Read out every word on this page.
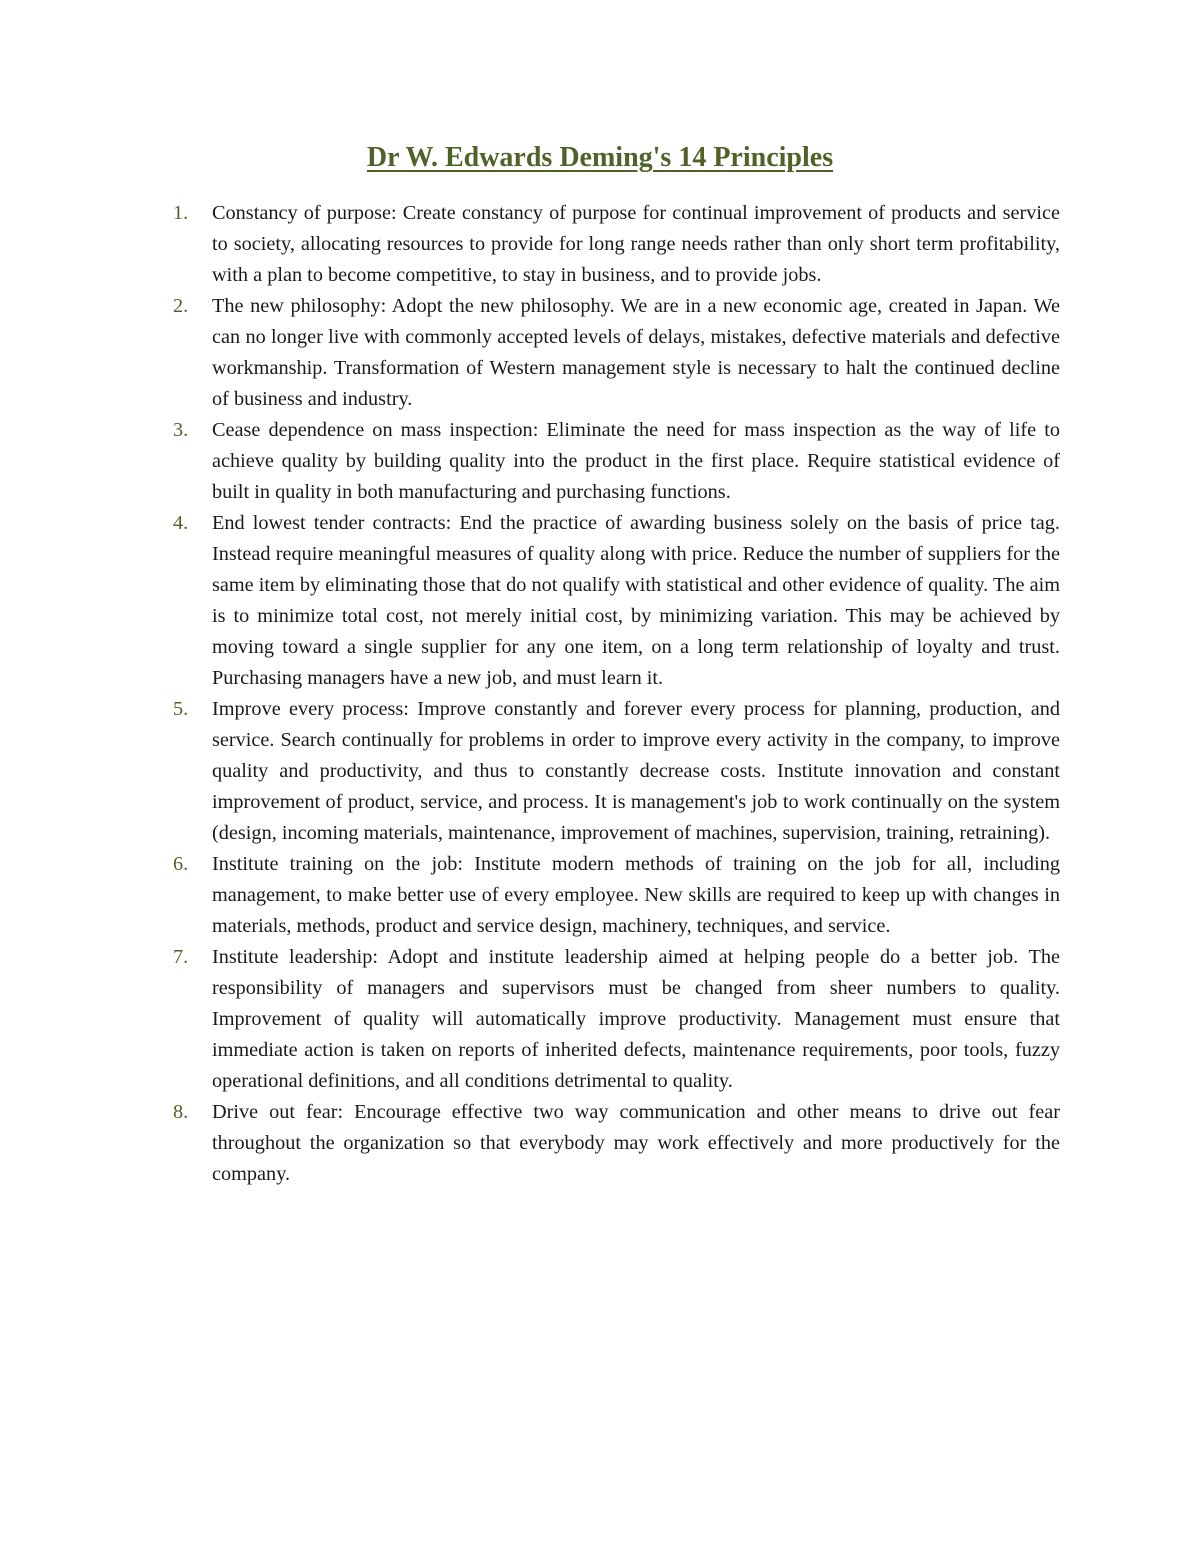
Dr W. Edwards Deming's 14 Principles
1. Constancy of purpose: Create constancy of purpose for continual improvement of products and service to society, allocating resources to provide for long range needs rather than only short term profitability, with a plan to become competitive, to stay in business, and to provide jobs.
2. The new philosophy: Adopt the new philosophy. We are in a new economic age, created in Japan. We can no longer live with commonly accepted levels of delays, mistakes, defective materials and defective workmanship. Transformation of Western management style is necessary to halt the continued decline of business and industry.
3. Cease dependence on mass inspection: Eliminate the need for mass inspection as the way of life to achieve quality by building quality into the product in the first place. Require statistical evidence of built in quality in both manufacturing and purchasing functions.
4. End lowest tender contracts: End the practice of awarding business solely on the basis of price tag. Instead require meaningful measures of quality along with price. Reduce the number of suppliers for the same item by eliminating those that do not qualify with statistical and other evidence of quality. The aim is to minimize total cost, not merely initial cost, by minimizing variation. This may be achieved by moving toward a single supplier for any one item, on a long term relationship of loyalty and trust. Purchasing managers have a new job, and must learn it.
5. Improve every process: Improve constantly and forever every process for planning, production, and service. Search continually for problems in order to improve every activity in the company, to improve quality and productivity, and thus to constantly decrease costs. Institute innovation and constant improvement of product, service, and process. It is management's job to work continually on the system (design, incoming materials, maintenance, improvement of machines, supervision, training, retraining).
6. Institute training on the job: Institute modern methods of training on the job for all, including management, to make better use of every employee. New skills are required to keep up with changes in materials, methods, product and service design, machinery, techniques, and service.
7. Institute leadership: Adopt and institute leadership aimed at helping people do a better job. The responsibility of managers and supervisors must be changed from sheer numbers to quality. Improvement of quality will automatically improve productivity. Management must ensure that immediate action is taken on reports of inherited defects, maintenance requirements, poor tools, fuzzy operational definitions, and all conditions detrimental to quality.
8. Drive out fear: Encourage effective two way communication and other means to drive out fear throughout the organization so that everybody may work effectively and more productively for the company.
